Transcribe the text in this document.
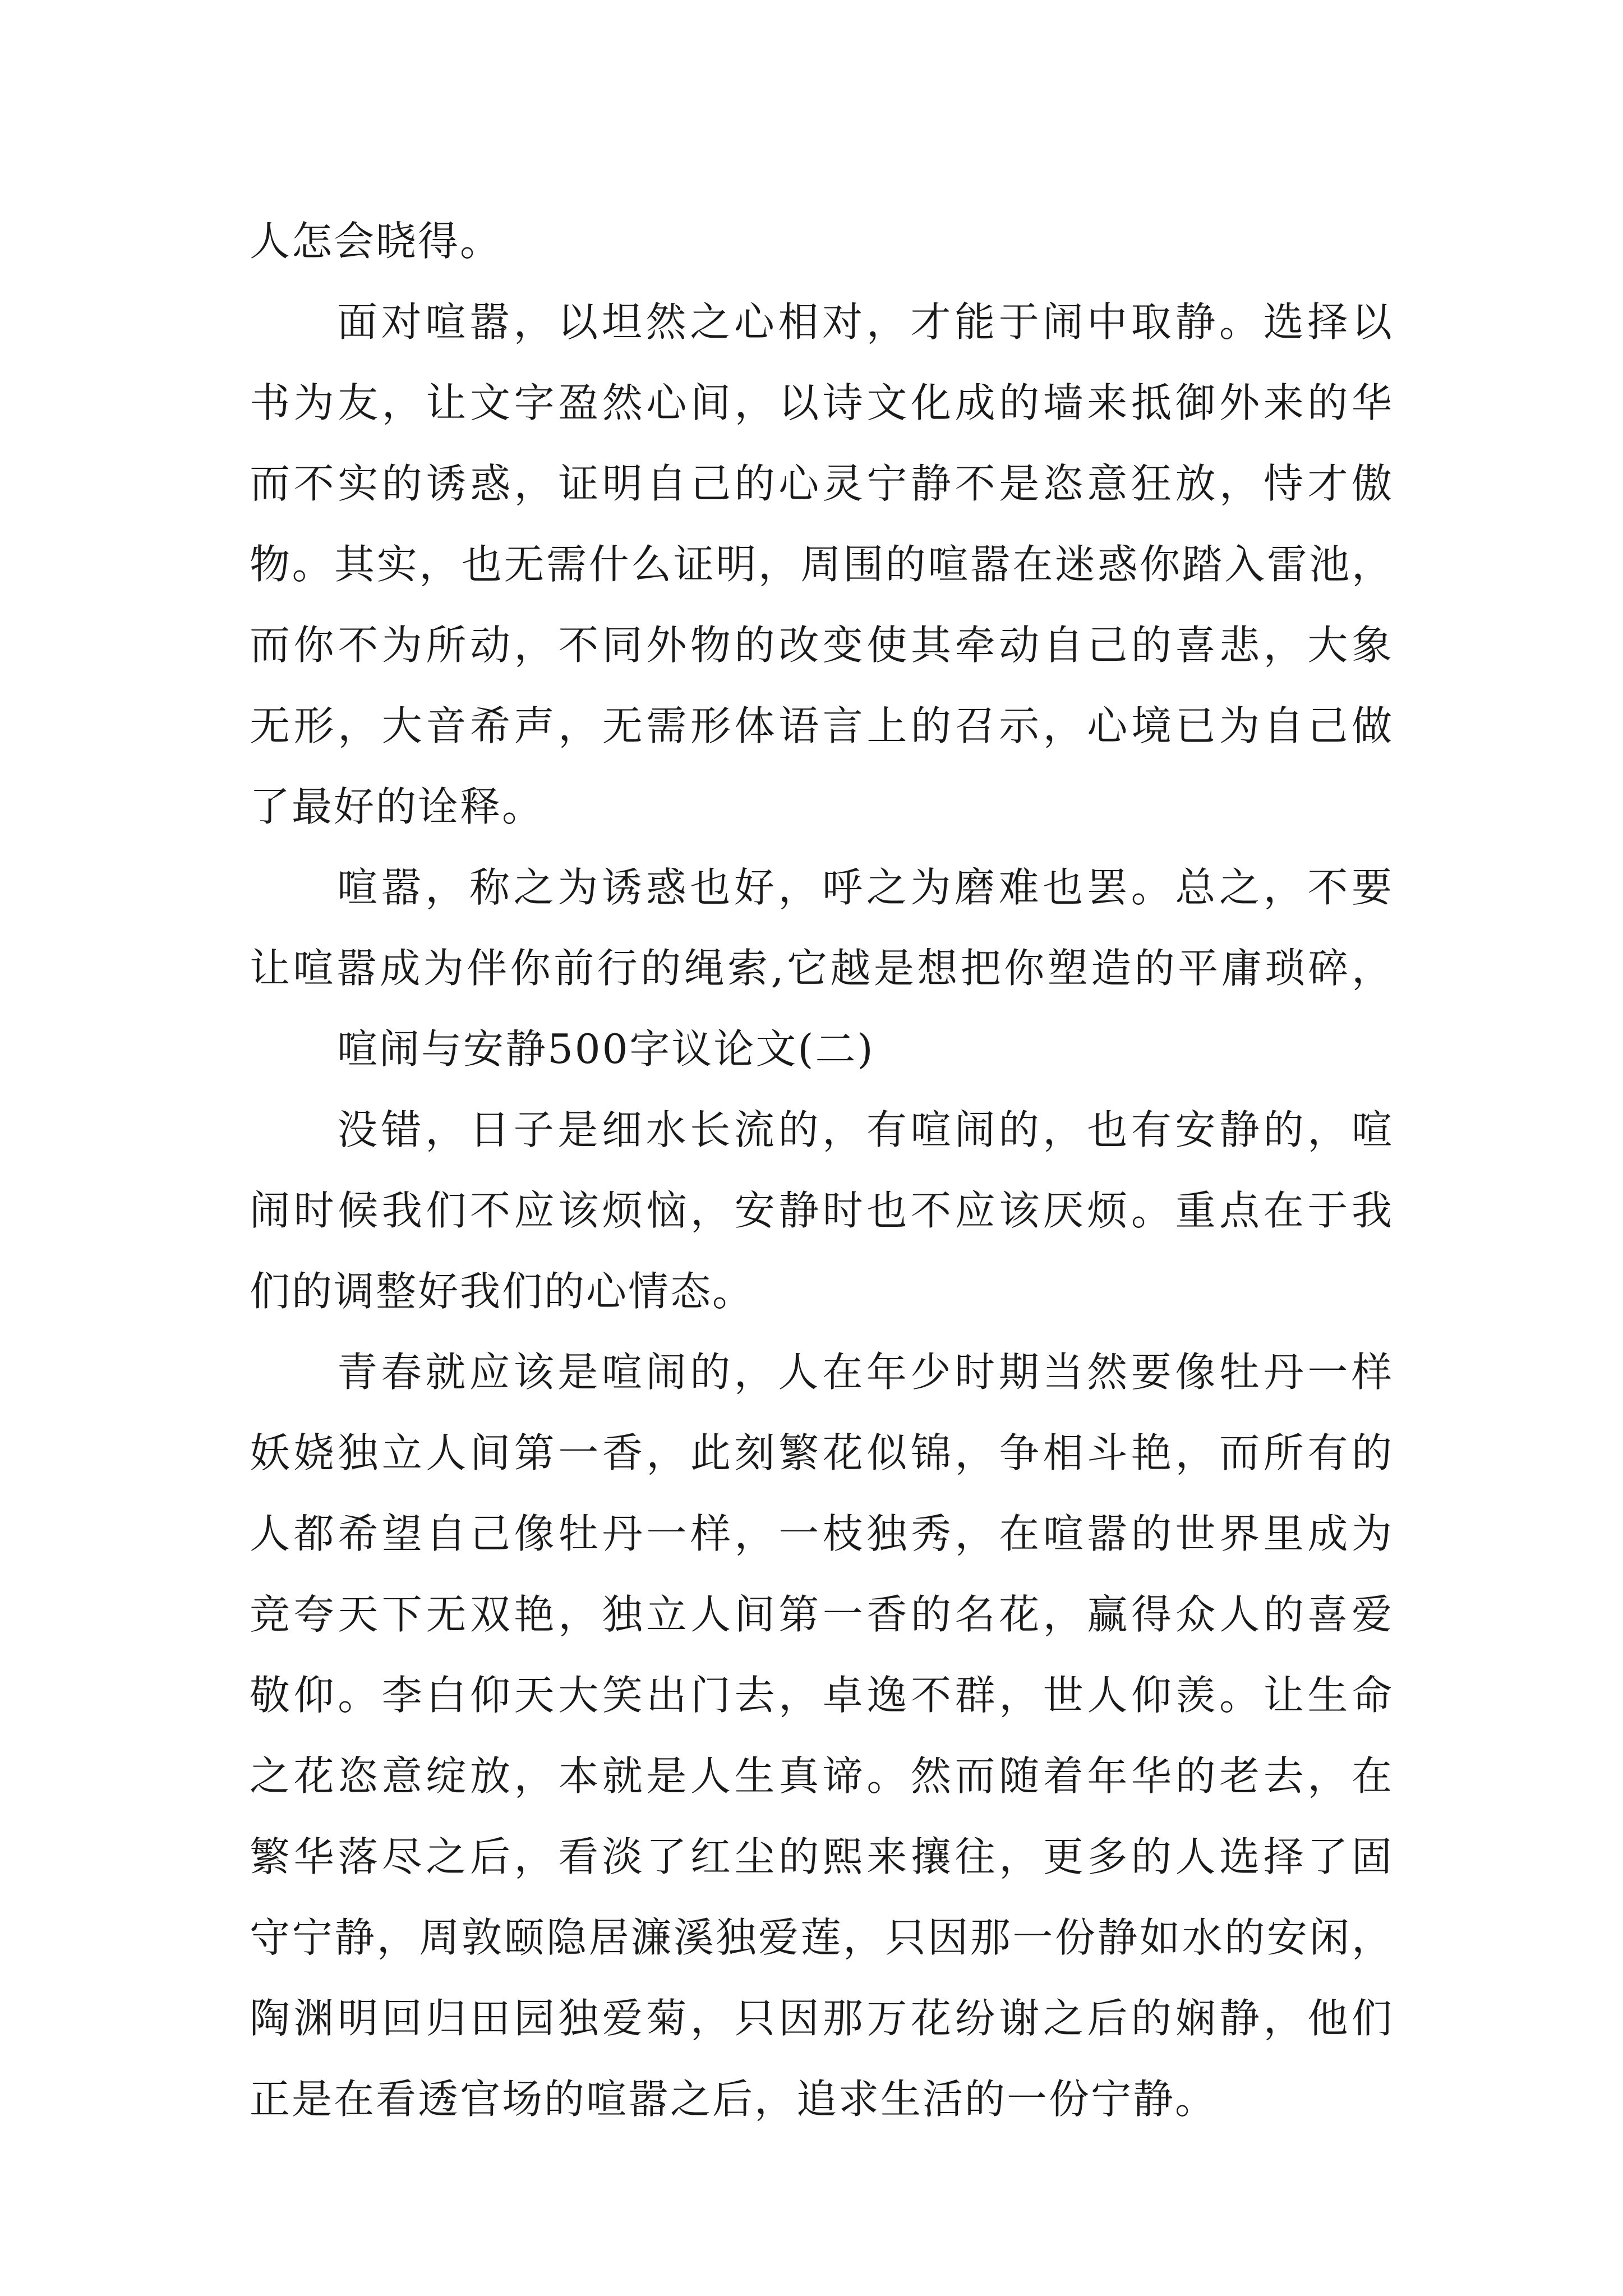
人怎会晓得。
面对喧嚣，以坦然之心相对，才能于闹中取静。选择以
书为友，让文字盈然心间，以诗文化成的墙来抵御外来的华
而不实的诱惑，证明自己的心灵宁静不是恣意狂放，恃才傲
物。其实，也无需什么证明，周围的喧嚣在迷惑你踏入雷池，
而你不为所动，不同外物的改变使其牵动自己的喜悲，大象
无形，大音希声，无需形体语言上的召示，心境已为自己做
了最好的诠释。
喧嚣，称之为诱惑也好，呼之为磨难也罢。总之，不要
让喧嚣成为伴你前行的绳索,它越是想把你塑造的平庸琐碎，
喧闹与安静500字议论文(二)
没错，日子是细水长流的，有喧闹的，也有安静的，喧
闹时候我们不应该烦恼，安静时也不应该厌烦。重点在于我
们的调整好我们的心情态。
青春就应该是喧闹的，人在年少时期当然要像牡丹一样
妖娆独立人间第一香，此刻繁花似锦，争相斗艳，而所有的
人都希望自己像牡丹一样，一枝独秀，在喧嚣的世界里成为
竞夸天下无双艳，独立人间第一香的名花，赢得众人的喜爱
敬仰。李白仰天大笑出门去，卓逸不群，世人仰羡。让生命
之花恣意绽放，本就是人生真谛。然而随着年华的老去，在
繁华落尽之后，看淡了红尘的熙来攘往，更多的人选择了固
守宁静，周敦颐隐居濂溪独爱莲，只因那一份静如水的安闲，
陶渊明回归田园独爱菊，只因那万花纷谢之后的娴静，他们
正是在看透官场的喧嚣之后，追求生活的一份宁静。
